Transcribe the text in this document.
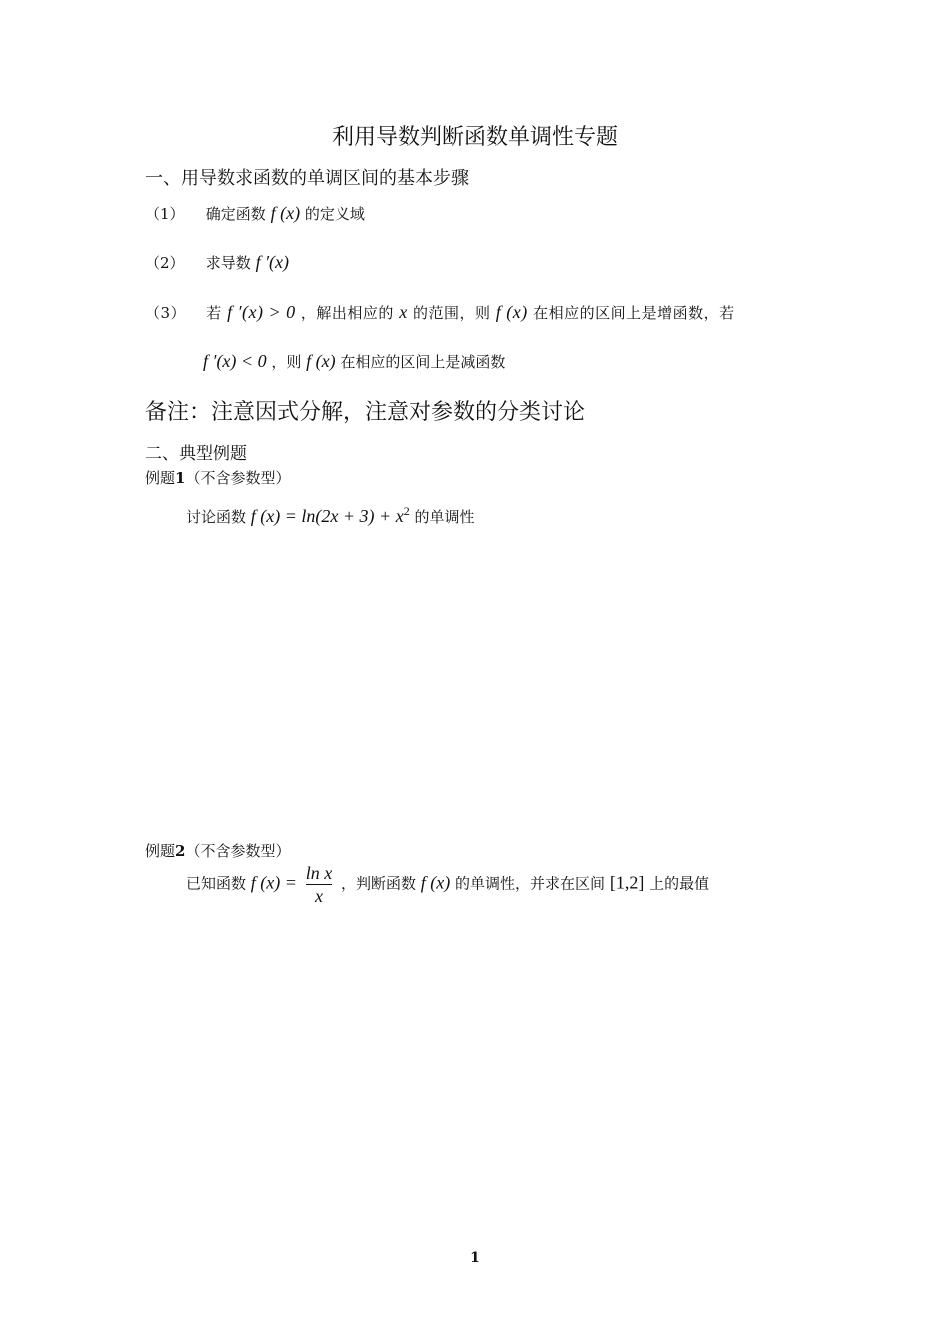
利用导数判断函数单调性专题
一、用导数求函数的单调区间的基本步骤
（1） 确定函数 f (x) 的定义域
（2） 求导数 f ′(x)
（3） 若 f ′(x) > 0 ，解出相应的 x 的范围，则 f (x) 在相应的区间上是增函数，若
f ′(x) < 0 ，则 f (x) 在相应的区间上是减函数
备注：注意因式分解，注意对参数的分类讨论
二、典型例题
例题1（不含参数型）
讨论函数 f $(x) = \ln(2x + 3) + x^2$ 的单调性
例题2（不含参数型）
已知函数 f $(x) = \frac{\text{ln x}}{x}$ ，判断函数 f (x) 的单调性，并求在区间 [1,2] 上的最值
1
